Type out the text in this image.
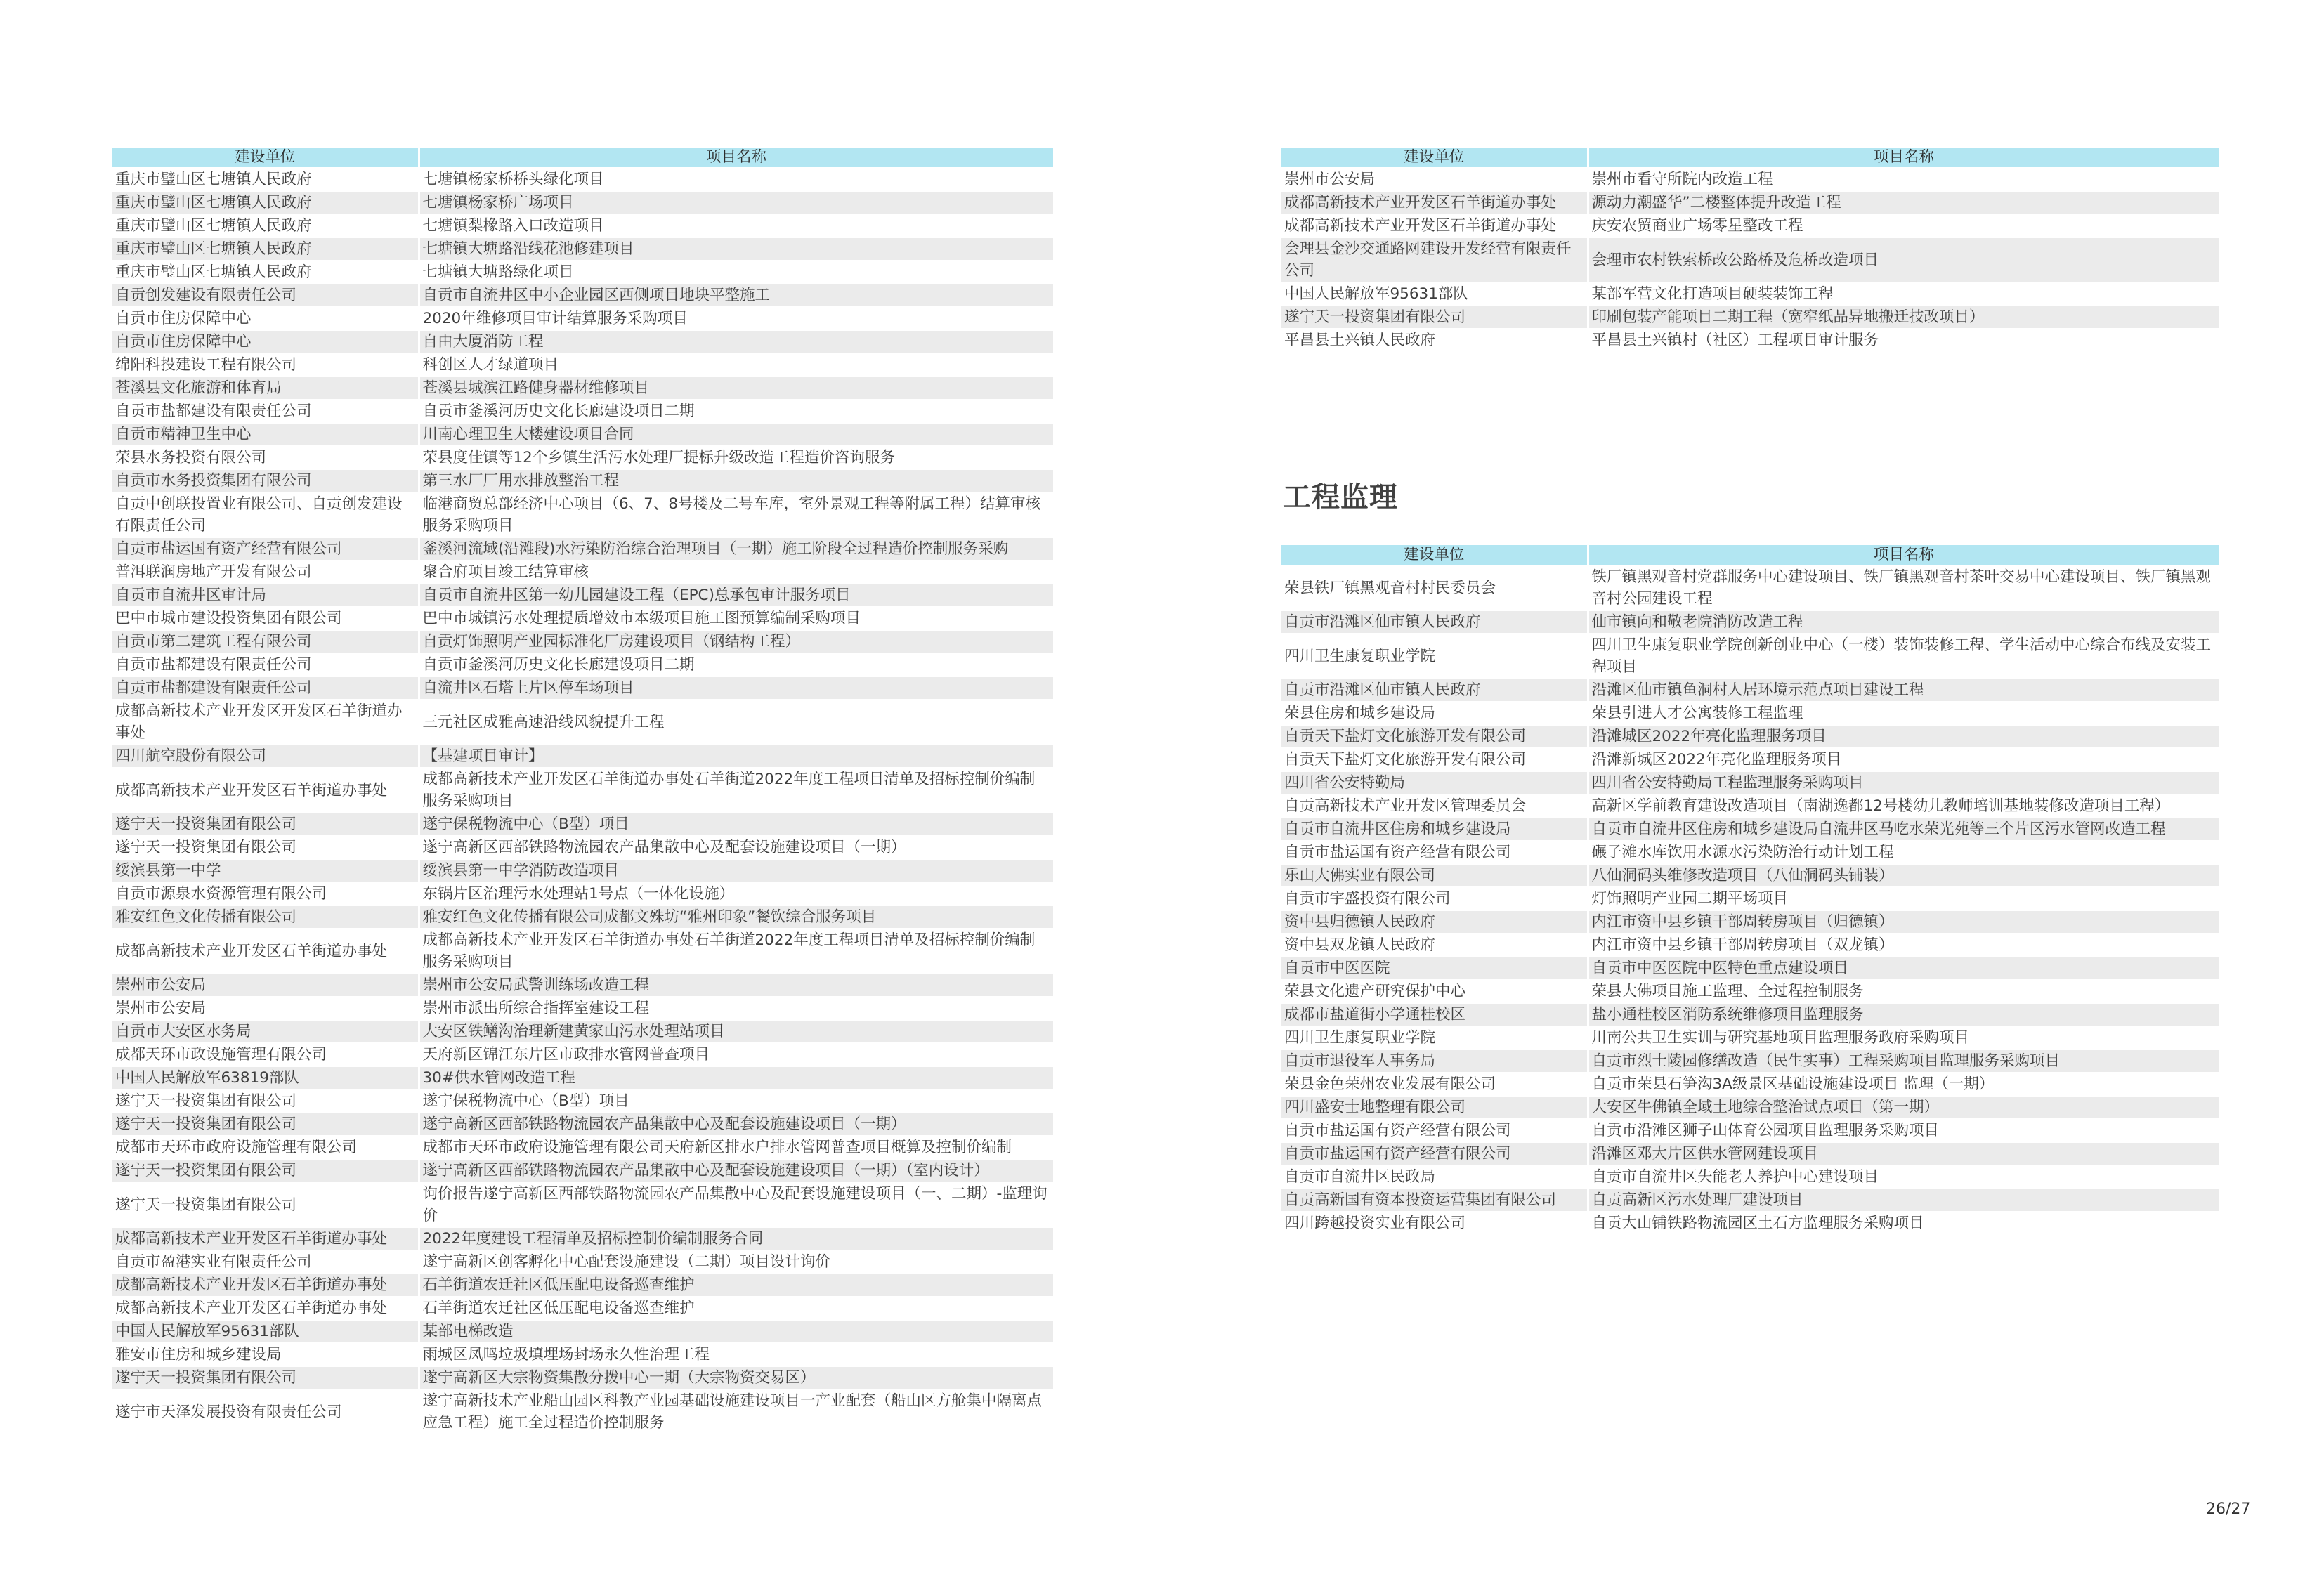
建设单位	项目名称
重庆市璧山区七塘镇人民政府	七塘镇杨家桥桥头绿化项目
重庆市璧山区七塘镇人民政府	七塘镇杨家桥广场项目
重庆市璧山区七塘镇人民政府	七塘镇梨橡路入口改造项目
重庆市璧山区七塘镇人民政府	七塘镇大塘路沿线花池修建项目
重庆市璧山区七塘镇人民政府	七塘镇大塘路绿化项目
自贡创发建设有限责任公司	自贡市自流井区中小企业园区西侧项目地块平整施工
自贡市住房保障中心	2020年维修项目审计结算服务采购项目
自贡市住房保障中心	自由大厦消防工程
绵阳科投建设工程有限公司	科创区人才绿道项目
苍溪县文化旅游和体育局	苍溪县城滨江路健身器材维修项目
自贡市盐都建设有限责任公司	自贡市釜溪河历史文化长廊建设项目二期
自贡市精神卫生中心	川南心理卫生大楼建设项目合同
荣县水务投资有限公司	荣县度佳镇等12个乡镇生活污水处理厂提标升级改造工程造价咨询服务
自贡市水务投资集团有限公司	第三水厂厂用水排放整治工程
自贡中创联投置业有限公司、自贡创发建设有限责任公司	临港商贸总部经济中心项目（6、7、8号楼及二号车库，室外景观工程等附属工程）结算审核服务采购项目
自贡市盐运国有资产经营有限公司	釜溪河流域(沿滩段)水污染防治综合治理项目（一期）施工阶段全过程造价控制服务采购
普洱联润房地产开发有限公司	聚合府项目竣工结算审核
自贡市自流井区审计局	自贡市自流井区第一幼儿园建设工程（EPC)总承包审计服务项目
巴中市城市建设投资集团有限公司	巴中市城镇污水处理提质增效市本级项目施工图预算编制采购项目
自贡市第二建筑工程有限公司	自贡灯饰照明产业园标准化厂房建设项目（钢结构工程）
自贡市盐都建设有限责任公司	自贡市釜溪河历史文化长廊建设项目二期
自贡市盐都建设有限责任公司	自流井区石塔上片区停车场项目
成都高新技术产业开发区开发区石羊街道办事处	三元社区成雅高速沿线风貌提升工程
四川航空股份有限公司	【基建项目审计】
成都高新技术产业开发区石羊街道办事处	成都高新技术产业开发区石羊街道办事处石羊街道2022年度工程项目清单及招标控制价编制服务采购项目
遂宁天一投资集团有限公司	遂宁保税物流中心（B型）项目
遂宁天一投资集团有限公司	遂宁高新区西部铁路物流园农产品集散中心及配套设施建设项目（一期）
绥滨县第一中学	绥滨县第一中学消防改造项目
自贡市源泉水资源管理有限公司	东锅片区治理污水处理站1号点（一体化设施）
雅安红色文化传播有限公司	雅安红色文化传播有限公司成都文殊坊“雅州印象”餐饮综合服务项目
成都高新技术产业开发区石羊街道办事处	成都高新技术产业开发区石羊街道办事处石羊街道2022年度工程项目清单及招标控制价编制服务采购项目
崇州市公安局	崇州市公安局武警训练场改造工程
崇州市公安局	崇州市派出所综合指挥室建设工程
自贡市大安区水务局	大安区铁鳝沟治理新建黄家山污水处理站项目
成都天环市政设施管理有限公司	天府新区锦江东片区市政排水管网普查项目
中国人民解放军63819部队	30#供水管网改造工程
遂宁天一投资集团有限公司	遂宁保税物流中心（B型）项目
遂宁天一投资集团有限公司	遂宁高新区西部铁路物流园农产品集散中心及配套设施建设项目（一期）
成都市天环市政府设施管理有限公司	成都市天环市政府设施管理有限公司天府新区排水户排水管网普查项目概算及控制价编制
遂宁天一投资集团有限公司	遂宁高新区西部铁路物流园农产品集散中心及配套设施建设项目（一期）（室内设计）
遂宁天一投资集团有限公司	询价报告遂宁高新区西部铁路物流园农产品集散中心及配套设施建设项目（一、二期）-监理询价
成都高新技术产业开发区石羊街道办事处	2022年度建设工程清单及招标控制价编制服务合同
自贡市盈港实业有限责任公司	遂宁高新区创客孵化中心配套设施建设（二期）项目设计询价
成都高新技术产业开发区石羊街道办事处	石羊街道农迁社区低压配电设备巡查维护
成都高新技术产业开发区石羊街道办事处	石羊街道农迁社区低压配电设备巡查维护
中国人民解放军95631部队	某部电梯改造
雅安市住房和城乡建设局	雨城区凤鸣垃圾填埋场封场永久性治理工程
遂宁天一投资集团有限公司	遂宁高新区大宗物资集散分拨中心一期（大宗物资交易区）
遂宁市天泽发展投资有限责任公司	遂宁高新技术产业船山园区科教产业园基础设施建设项目一产业配套（船山区方舱集中隔离点应急工程）施工全过程造价控制服务
建设单位	项目名称
崇州市公安局	崇州市看守所院内改造工程
成都高新技术产业开发区石羊街道办事处	源动力潮盛华”二楼整体提升改造工程
成都高新技术产业开发区石羊街道办事处	庆安农贸商业广场零星整改工程
会理县金沙交通路网建设开发经营有限责任公司	会理市农村铁索桥改公路桥及危桥改造项目
中国人民解放军95631部队	某部军营文化打造项目硬装装饰工程
遂宁天一投资集团有限公司	印刷包装产能项目二期工程（宽窄纸品异地搬迁技改项目）
平昌县土兴镇人民政府	平昌县土兴镇村（社区）工程项目审计服务
工程监理
建设单位	项目名称
荣县铁厂镇黑观音村村民委员会	铁厂镇黑观音村党群服务中心建设项目、铁厂镇黑观音村茶叶交易中心建设项目、铁厂镇黑观音村公园建设工程
自贡市沿滩区仙市镇人民政府	仙市镇向和敬老院消防改造工程
四川卫生康复职业学院	四川卫生康复职业学院创新创业中心（一楼）装饰装修工程、学生活动中心综合布线及安装工程项目
自贡市沿滩区仙市镇人民政府	沿滩区仙市镇鱼洞村人居环境示范点项目建设工程
荣县住房和城乡建设局	荣县引进人才公寓装修工程监理
自贡天下盐灯文化旅游开发有限公司	沿滩城区2022年亮化监理服务项目
自贡天下盐灯文化旅游开发有限公司	沿滩新城区2022年亮化监理服务项目
四川省公安特勤局	四川省公安特勤局工程监理服务采购项目
自贡高新技术产业开发区管理委员会	高新区学前教育建设改造项目（南湖逸都12号楼幼儿教师培训基地装修改造项目工程）
自贡市自流井区住房和城乡建设局	自贡市自流井区住房和城乡建设局自流井区马吃水荣光苑等三个片区污水管网改造工程
自贡市盐运国有资产经营有限公司	碾子滩水库饮用水源水污染防治行动计划工程
乐山大佛实业有限公司	八仙洞码头维修改造项目（八仙洞码头铺装）
自贡市宇盛投资有限公司	灯饰照明产业园二期平场项目
资中县归德镇人民政府	内江市资中县乡镇干部周转房项目（归德镇）
资中县双龙镇人民政府	内江市资中县乡镇干部周转房项目（双龙镇）
自贡市中医医院	自贡市中医医院中医特色重点建设项目
荣县文化遗产研究保护中心	荣县大佛项目施工监理、全过程控制服务
成都市盐道街小学通桂校区	盐小通桂校区消防系统维修项目监理服务
四川卫生康复职业学院	川南公共卫生实训与研究基地项目监理服务政府采购项目
自贡市退役军人事务局	自贡市烈士陵园修缮改造（民生实事）工程采购项目监理服务采购项目
荣县金色荣州农业发展有限公司	自贡市荣县石笋沟3A级景区基础设施建设项目 监理（一期）
四川盛安士地整理有限公司	大安区牛佛镇全域土地综合整治试点项目（第一期）
自贡市盐运国有资产经营有限公司	自贡市沿滩区狮子山体育公园项目监理服务采购项目
自贡市盐运国有资产经营有限公司	沿滩区邓大片区供水管网建设项目
自贡市自流井区民政局	自贡市自流井区失能老人养护中心建设项目
自贡高新国有资本投资运营集团有限公司	自贡高新区污水处理厂建设项目
四川跨越投资实业有限公司	自贡大山铺铁路物流园区土石方监理服务采购项目
26/27
